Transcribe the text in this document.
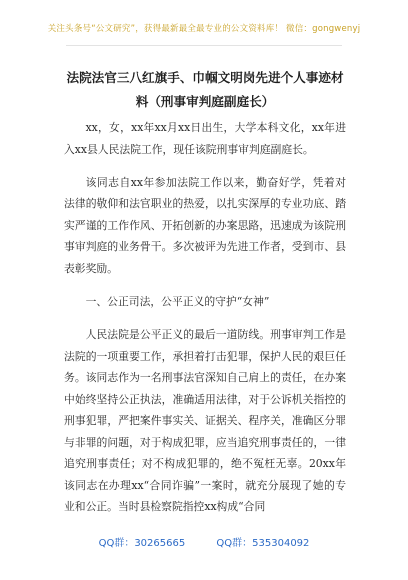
关注头条号“公文研究”，获得最新最全最专业的公文资料库！ 微信：gongwenyj
法院法官三八红旗手、巾帼文明岗先进个人事迹材料（刑事审判庭副庭长）

xx，女，xx年xx月xx日出生，大学本科文化，xx年进入xx县人民法院工作，现任该院刑事审判庭副庭长。

该同志自xx年参加法院工作以来，勤奋好学，凭着对法律的敬仰和法官职业的热爱，以扎实深厚的专业功底、踏实严谨的工作作风、开拓创新的办案思路，迅速成为该院刑事审判庭的业务骨干。多次被评为先进工作者，受到市、县表彰奖励。

一、公正司法，公平正义的守护“女神”

人民法院是公平正义的最后一道防线。刑事审判工作是法院的一项重要工作，承担着打击犯罪，保护人民的艰巨任务。该同志作为一名刑事法官深知自己肩上的责任，在办案中始终坚持公正执法，准确适用法律，对于公诉机关指控的刑事犯罪，严把案件事实关、证据关、程序关，准确区分罪与非罪的问题，对于构成犯罪，应当追究刑事责任的，一律追究刑事责任；对不构成犯罪的，绝不冤枉无辜。20xx年该同志在办理xx“合同诈骗”一案时，就充分展现了她的专业和公正。当时县检察院指控xx构成“合同

QQ群：30265665	QQ群：535304092
